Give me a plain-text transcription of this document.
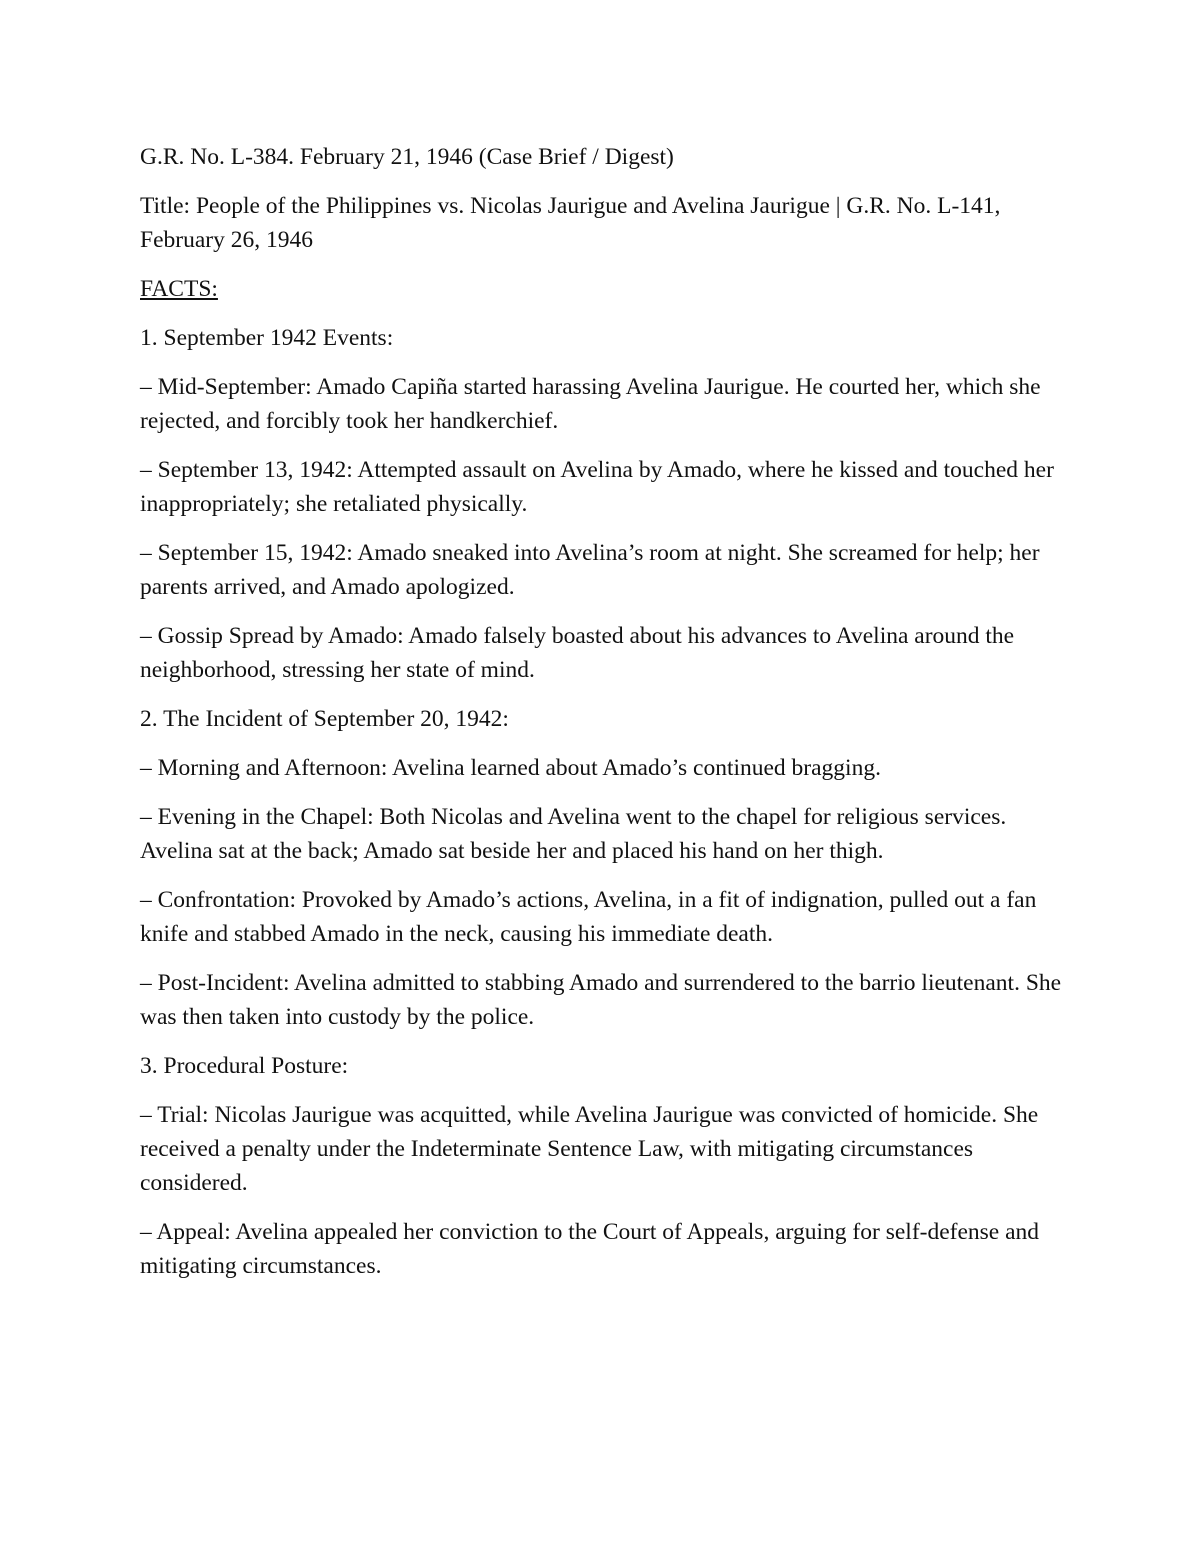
G.R. No. L-384. February 21, 1946 (Case Brief / Digest)

Title: People of the Philippines vs. Nicolas Jaurigue and Avelina Jaurigue | G.R. No. L-141, February 26, 1946

FACTS:

1. September 1942 Events:

– Mid-September: Amado Capiña started harassing Avelina Jaurigue. He courted her, which she rejected, and forcibly took her handkerchief.

– September 13, 1942: Attempted assault on Avelina by Amado, where he kissed and touched her inappropriately; she retaliated physically.

– September 15, 1942: Amado sneaked into Avelina’s room at night. She screamed for help; her parents arrived, and Amado apologized.

– Gossip Spread by Amado: Amado falsely boasted about his advances to Avelina around the neighborhood, stressing her state of mind.

2. The Incident of September 20, 1942:

– Morning and Afternoon: Avelina learned about Amado’s continued bragging.

– Evening in the Chapel: Both Nicolas and Avelina went to the chapel for religious services. Avelina sat at the back; Amado sat beside her and placed his hand on her thigh.

– Confrontation: Provoked by Amado’s actions, Avelina, in a fit of indignation, pulled out a fan knife and stabbed Amado in the neck, causing his immediate death.

– Post-Incident: Avelina admitted to stabbing Amado and surrendered to the barrio lieutenant. She was then taken into custody by the police.

3. Procedural Posture:

– Trial: Nicolas Jaurigue was acquitted, while Avelina Jaurigue was convicted of homicide. She received a penalty under the Indeterminate Sentence Law, with mitigating circumstances considered.

– Appeal: Avelina appealed her conviction to the Court of Appeals, arguing for self-defense and mitigating circumstances.
